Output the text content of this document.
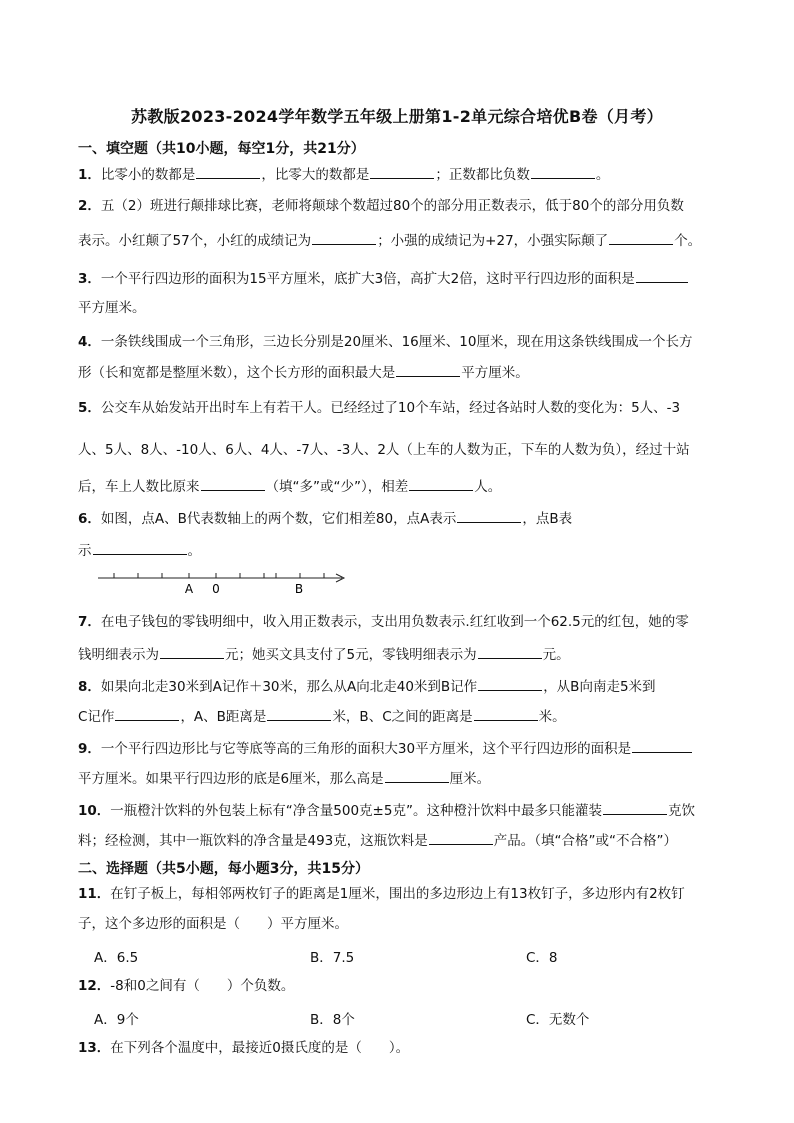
苏教版2023-2024学年数学五年级上册第1-2单元综合培优B卷（月考）
一、填空题（共10小题，每空1分，共21分）
1．比零小的数都是	，比零大的数都是	；正数都比负数	。
2．五（2）班进行颠排球比赛，老师将颠球个数超过80个的部分用正数表示，低于80个的部分用负数
表示。小红颠了57个，小红的成绩记为	；小强的成绩记为+27，小强实际颠了	个。
3．一个平行四边形的面积为15平方厘米，底扩大3倍，高扩大2倍，这时平行四边形的面积是
平方厘米。
4．一条铁线围成一个三角形，三边长分别是20厘米、16厘米、10厘米，现在用这条铁线围成一个长方
形（长和宽都是整厘米数），这个长方形的面积最大是	平方厘米。
5．公交车从始发站开出时车上有若干人。已经经过了10个车站，经过各站时人数的变化为：5人、-3
人、5人、8人、-10人、6人、4人、-7人、-3人、2人（上车的人数为正，下车的人数为负），经过十站
后，车上人数比原来	（填“多”或“少”），相差	人。
6．如图，点A、B代表数轴上的两个数，它们相差80，点A表示	，点B表
示	。
A 0	B
7．在电子钱包的零钱明细中，收入用正数表示，支出用负数表示.红红收到一个62.5元的红包，她的零
钱明细表示为	元；她买文具支付了5元，零钱明细表示为	元。
8．如果向北走30米到A记作＋30米，那么从A向北走40米到B记作	，从B向南走5米到
C记作	，A、B距离是	米，B、C之间的距离是	米。
9．一个平行四边形比与它等底等高的三角形的面积大30平方厘米，这个平行四边形的面积是
平方厘米。如果平行四边形的底是6厘米，那么高是	厘米。
10．一瓶橙汁饮料的外包装上标有“净含量500克±5克”。这种橙汁饮料中最多只能灌装	克饮
料；经检测，其中一瓶饮料的净含量是493克，这瓶饮料是	产品。（填“合格”或“不合格”）
二、选择题（共5小题，每小题3分，共15分）
11．在钉子板上，每相邻两枚钉子的距离是1厘米，围出的多边形边上有13枚钉子，多边形内有2枚钉
子，这个多边形的面积是（　　）平方厘米。
A．6.5	B．7.5	C．8
12．-8和0之间有（　　）个负数。
A．9个	B．8个	C．无数个
13．在下列各个温度中，最接近0摄氏度的是（　　）。
